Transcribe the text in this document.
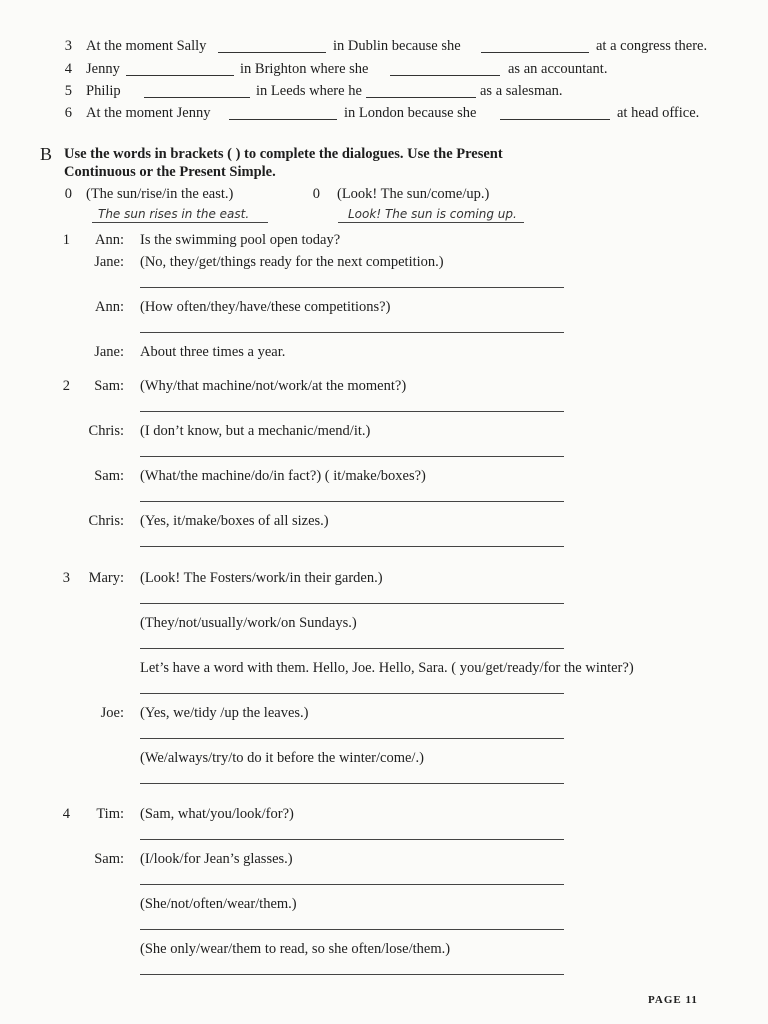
3 At the moment Sally	in Dublin because she	at a congress there.
4 Jenny	in Brighton where she	as an accountant.
5 Philip	in Leeds where he	as a salesman.
6 At the moment Jenny	in London because she	at head office.
B Use the words in brackets ( ) to complete the dialogues. Use the Present
Continuous or the Present Simple.
0 (The sun/rise/in the east.)
The sun rises in the east.
0 (Look! The sun/come/up.)
Look! The sun is coming up.
1	Ann: Is the swimming pool open today?
Jane: (No, they/get/things ready for the next competition.)
Ann: (How often/they/have/these competitions?)
Jane: About three times a year.
2	Sam: (Why/that machine/not/work/at the moment?)
Chris: (I don’t know, but a mechanic/mend/it.)
Sam: (What/the machine/do/in fact?) ( it/make/boxes?)
Chris: (Yes, it/make/boxes of all sizes.)
3	Mary: (Look! The Fosters/work/in their garden.)
(They/not/usually/work/on Sundays.)
Let’s have a word with them. Hello, Joe. Hello, Sara. ( you/get/ready/for the winter?)
Joe: (Yes, we/tidy /up the leaves.)
(We/always/try/to do it before the winter/come/.)
4	Tim: (Sam, what/you/look/for?)
Sam: (I/look/for Jean’s glasses.)
(She/not/often/wear/them.)
(She only/wear/them to read, so she often/lose/them.)
PAGE 11
